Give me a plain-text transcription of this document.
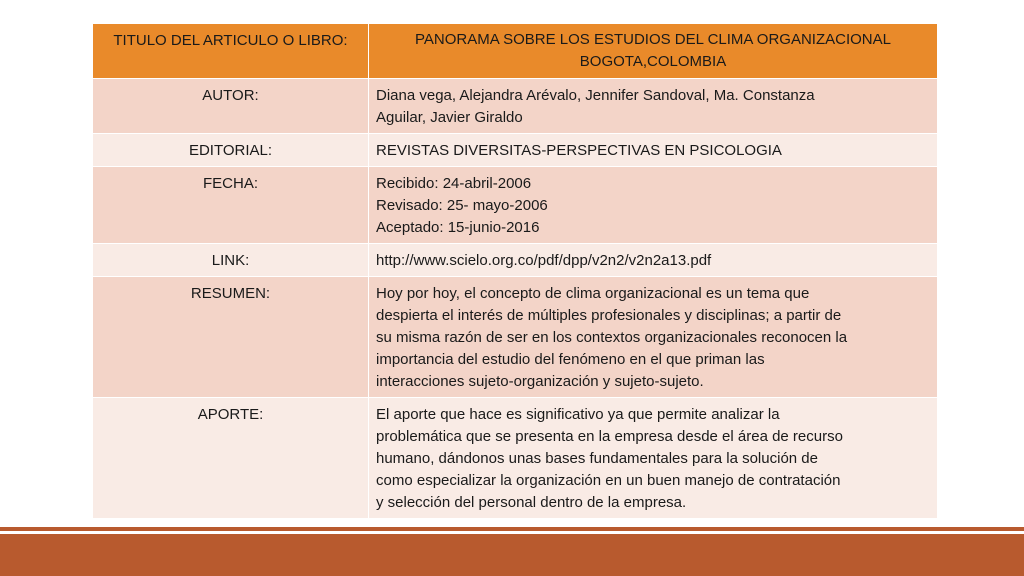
TITULO DEL ARTICULO O LIBRO:	PANORAMA SOBRE LOS ESTUDIOS DEL CLIMA ORGANIZACIONAL
BOGOTA,COLOMBIA

AUTOR:	Diana vega, Alejandra Arévalo, Jennifer Sandoval, Ma. Constanza
Aguilar, Javier Giraldo

EDITORIAL:	REVISTAS DIVERSITAS-PERSPECTIVAS EN PSICOLOGIA

FECHA:	Recibido: 24-abril-2006
Revisado: 25- mayo-2006
Aceptado: 15-junio-2016

LINK:	http://www.scielo.org.co/pdf/dpp/v2n2/v2n2a13.pdf

RESUMEN:	Hoy por hoy, el concepto de clima organizacional es un tema que
despierta el interés de múltiples profesionales y disciplinas; a partir de
su misma razón de ser en los contextos organizacionales reconocen la
importancia del estudio del fenómeno en el que priman las
interacciones sujeto-organización y sujeto-sujeto.

APORTE:	El aporte que hace es significativo ya que permite analizar la
problemática que se presenta en la empresa desde el área de recurso
humano, dándonos unas bases fundamentales para la solución de
como especializar la organización en un buen manejo de contratación
y selección del personal dentro de la empresa.
